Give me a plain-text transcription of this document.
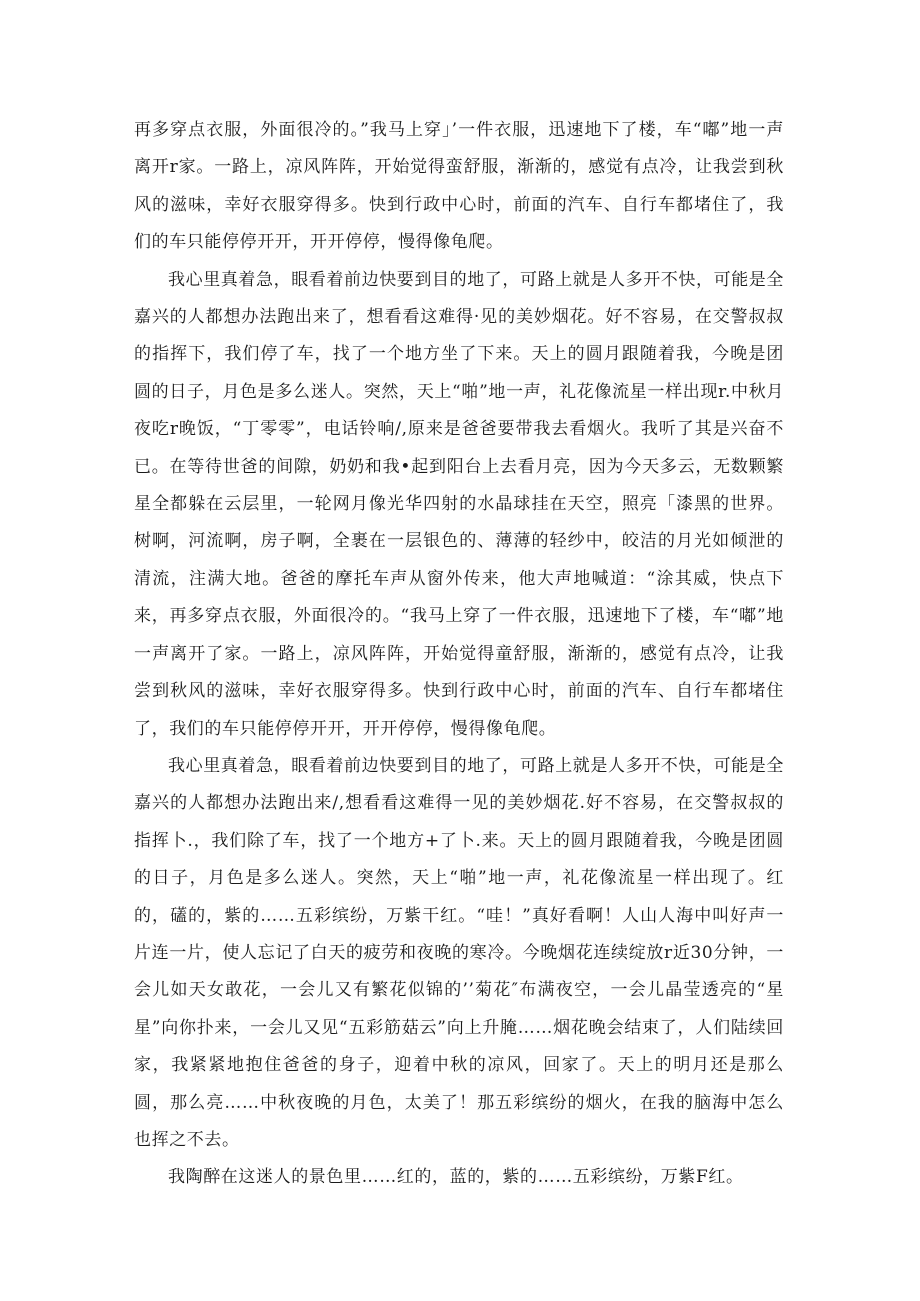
再多穿点衣服，外面很冷的。”我马上穿」’一件衣服，迅速地下了楼，车“嘟”地一声离开r家。一路上，凉风阵阵，开始觉得蛮舒服，渐渐的，感觉有点冷，让我尝到秋风的滋味，幸好衣服穿得多。快到行政中心时，前面的汽车、自行车都堵住了，我们的车只能停停开开，开开停停，慢得像龟爬。

我心里真着急，眼看着前边快要到目的地了，可路上就是人多开不快，可能是全嘉兴的人都想办法跑出来了，想看看这难得·见的美妙烟花。好不容易，在交警叔叔的指挥下，我们停了车，找了一个地方坐了下来。天上的圆月跟随着我，今晚是团圆的日子，月色是多么迷人。突然，天上“啪”地一声，礼花像流星一样出现r.中秋月夜吃r晚饭，“丁零零”，电话铃响/,原来是爸爸要带我去看烟火。我听了其是兴奋不已。在等待世爸的间隙，奶奶和我•起到阳台上去看月亮，因为今天多云，无数颗繁星全都躲在云层里，一轮网月像光华四射的水晶球挂在天空，照亮「漆黑的世界。树啊，河流啊，房子啊，全裹在一层银色的、薄薄的轻纱中，皎洁的月光如倾泄的清流，注满大地。爸爸的摩托车声从窗外传来，他大声地喊道：“涂其威，快点下来，再多穿点衣服，外面很冷的。“我马上穿了一件衣服，迅速地下了楼，车“嘟”地一声离开了家。一路上，凉风阵阵，开始觉得童舒服，渐渐的，感觉有点冷，让我尝到秋风的滋味，幸好衣服穿得多。快到行政中心时，前面的汽车、自行车都堵住了，我们的车只能停停开开，开开停停，慢得像龟爬。

我心里真着急，眼看着前边快要到目的地了，可路上就是人多开不快，可能是全嘉兴的人都想办法跑出来/,想看看这难得一见的美妙烟花.好不容易，在交警叔叔的指挥卜.，我们除了车，找了一个地方+了卜.来。天上的圆月跟随着我，今晚是团圆的日子，月色是多么迷人。突然，天上“啪”地一声，礼花像流星一样出现了。红的，礚的，紫的……五彩缤纷，万紫干红。“哇！”真好看啊！人山人海中叫好声一片连一片，使人忘记了白天的疲劳和夜晚的寒冷。今晚烟花连续绽放r近30分钟，一会儿如天女敢花，一会儿又有繁花似锦的’’菊花″布满夜空，一会儿晶莹透亮的“星星”向你扑来，一会儿又见“五彩筋菇云”向上升腌……烟花晚会结束了，人们陆续回家，我紧紧地抱住爸爸的身子，迎着中秋的凉风，回家了。天上的明月还是那么圆，那么亮……中秋夜晚的月色，太美了！那五彩缤纷的烟火，在我的脑海中怎么也挥之不去。

我陶醉在这迷人的景色里……红的，蓝的，紫的……五彩缤纷，万紫F红。
